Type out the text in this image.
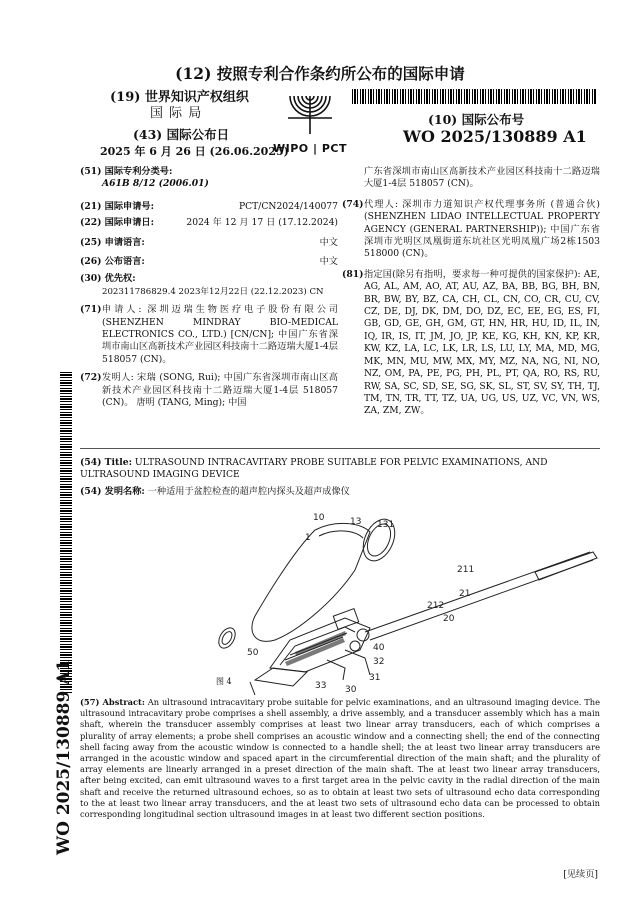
(12) 按照专利合作条约所公布的国际申请
(19) 世界知识产权组织
国 际 局
(43) 国际公布日
2025 年 6 月 26 日 (26.06.2025)
WIPO | PCT
(10) 国际公布号
WO 2025/130889 A1
(51) 国际专利分类号:
A61B 8/12 (2006.01)
(21) 国际申请号:	PCT/CN2024/140077
(22) 国际申请日:	2024 年 12 月 17 日 (17.12.2024)
(25) 申请语言:	中文
(26) 公布语言:	中文
(30) 优先权:
202311786829.4 2023年12月22日 (22.12.2023) CN
(71) 申请人: 深圳迈瑞生物医疗电子股份有限公司 (SHENZHEN MINDRAY BIO-MEDICAL ELECTRONICS CO., LTD.) [CN/CN]; 中国广东省深圳市南山区高新技术产业园区科技南十二路迈瑞大厦1-4层 518057 (CN)。
(72) 发明人: 宋瑞 (SONG, Rui); 中国广东省深圳市南山区高新技术产业园区科技南十二路迈瑞大厦1-4层 518057 (CN)。 唐明 (TANG, Ming); 中国
广东省深圳市南山区高新技术产业园区科技南十二路迈瑞大厦1-4层 518057 (CN)。
(74) 代理人: 深圳市力道知识产权代理事务所 (普通合伙) (SHENZHEN LIDAO INTELLECTUAL PROPERTY AGENCY (GENERAL PARTNERSHIP)); 中国广东省深圳市光明区凤凰街道东坑社区光明凤凰广场2栋1503 518000 (CN)。
(81) 指定国(除另有指明，要求每一种可提供的国家保护): AE, AG, AL, AM, AO, AT, AU, AZ, BA, BB, BG, BH, BN, BR, BW, BY, BZ, CA, CH, CL, CN, CO, CR, CU, CV, CZ, DE, DJ, DK, DM, DO, DZ, EC, EE, EG, ES, FI, GB, GD, GE, GH, GM, GT, HN, HR, HU, ID, IL, IN, IQ, IR, IS, IT, JM, JO, JP, KE, KG, KH, KN, KP, KR, KW, KZ, LA, LC, LK, LR, LS, LU, LY, MA, MD, MG, MK, MN, MU, MW, MX, MY, MZ, NA, NG, NI, NO, NZ, OM, PA, PE, PG, PH, PL, PT, QA, RO, RS, RU, RW, SA, SC, SD, SE, SG, SK, SL, ST, SV, SY, TH, TJ, TM, TN, TR, TT, TZ, UA, UG, US, UZ, VC, VN, WS, ZA, ZM, ZW。
(54) Title: ULTRASOUND INTRACAVITARY PROBE SUITABLE FOR PELVIC EXAMINATIONS, AND ULTRASOUND IMAGING DEVICE
(54) 发明名称: 一种适用于盆腔检查的超声腔内探头及超声成像仪
10	13 131
1
211
21
212
20
50	40
32
31
33 30
图 4
(57) Abstract: An ultrasound intracavitary probe suitable for pelvic examinations, and an ultrasound imaging device. The ultrasound intracavitary probe comprises a shell assembly, a drive assembly, and a transducer assembly which has a main shaft, wherein the transducer assembly comprises at least two linear array transducers, each of which comprises a plurality of array elements; a probe shell comprises an acoustic window and a connecting shell; the end of the connecting shell facing away from the acoustic window is connected to a handle shell; the at least two linear array transducers are arranged in the acoustic window and spaced apart in the circumferential direction of the main shaft; and the plurality of array elements are linearly arranged in a preset direction of the main shaft. The at least two linear array transducers, after being excited, can emit ultrasound waves to a first target area in the pelvic cavity in the radial direction of the main shaft and receive the returned ultrasound echoes, so as to obtain at least two sets of ultrasound echo data corresponding to the at least two linear array transducers, and the at least two sets of ultrasound echo data can be processed to obtain corresponding longitudinal section ultrasound images in at least two different section positions.
WO 2025/130889 A1
[见续页]
